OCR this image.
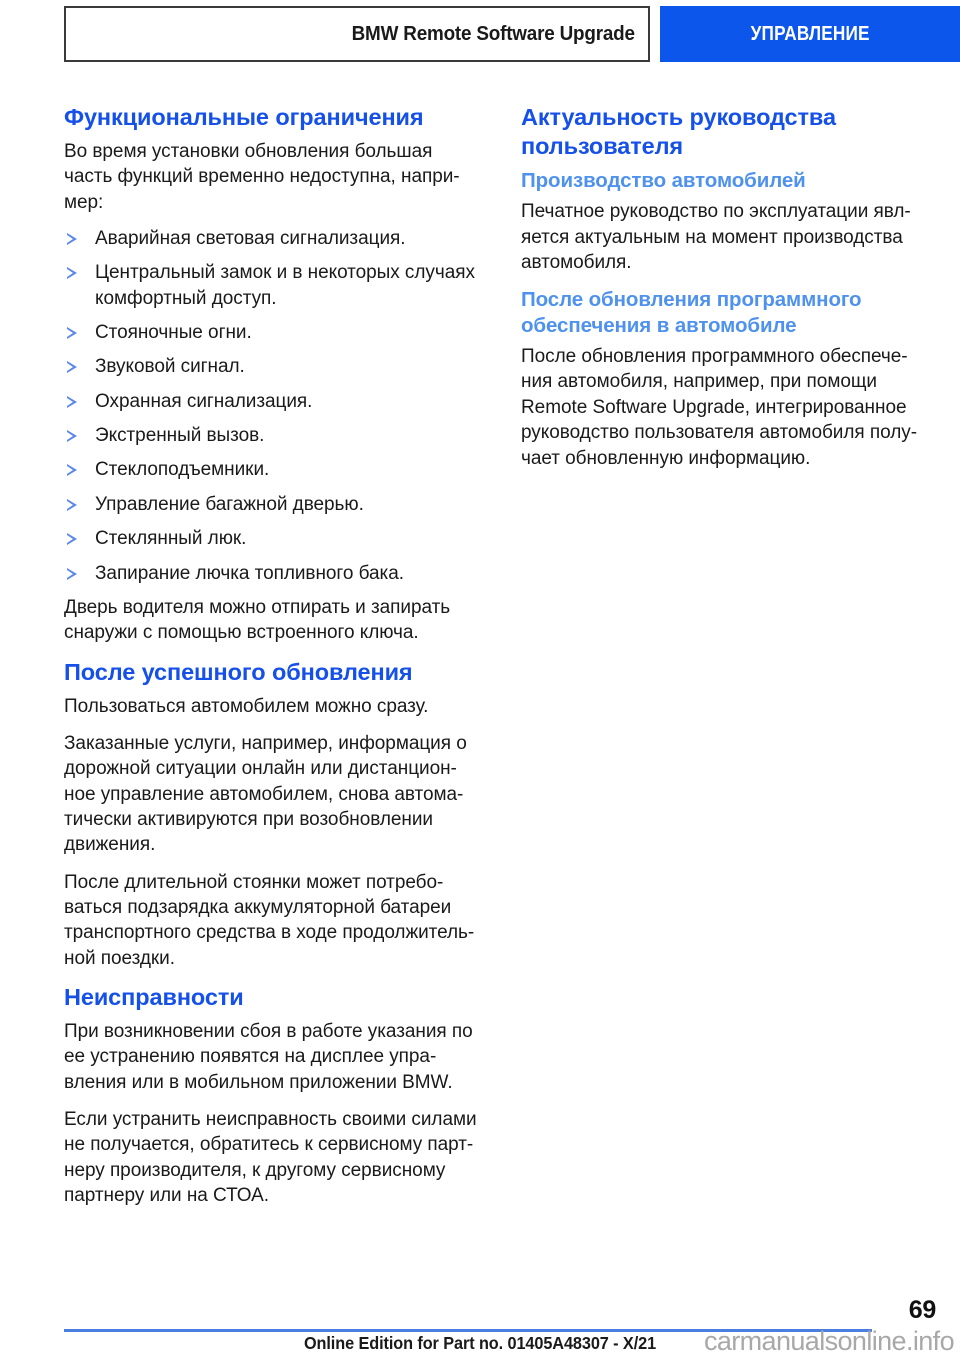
BMW Remote Software Upgrade	УПРАВЛЕНИЕ
Функциональные ограничения

Во время установки обновления большая часть функций временно недоступна, напри-мер:

Аварийная световая сигнализация.
Центральный замок и в некоторых случаях комфортный доступ.
Стояночные огни.
Звуковой сигнал.
Охранная сигнализация.
Экстренный вызов.
Стеклоподъемники.
Управление багажной дверью.
Стеклянный люк.
Запирание лючка топливного бака.

Дверь водителя можно отпирать и запирать снаружи с помощью встроенного ключа.

После успешного обновления

Пользоваться автомобилем можно сразу.

Заказанные услуги, например, информация о дорожной ситуации онлайн или дистанцион-ное управление автомобилем, снова автома-тически активируются при возобновлении движения.

После длительной стоянки может потребо-ваться подзарядка аккумуляторной батареи транспортного средства в ходе продолжитель-ной поездки.

Неисправности

При возникновении сбоя в работе указания по ее устранению появятся на дисплее упра-вления или в мобильном приложении BMW.

Если устранить неисправность своими силами не получается, обратитесь к сервисному парт-неру производителя, к другому сервисному партнеру или на СТОА.

Актуальность руководства пользователя
Производство автомобилей

Печатное руководство по эксплуатации явл-яется актуальным на момент производства автомобиля.

После обновления программного обеспечения в автомобиле

После обновления программного обеспече-ния автомобиля, например, при помощи Remote Software Upgrade, интегрированное руководство пользователя автомобиля полу-чает обновленную информацию.

69
Online Edition for Part no. 01405A48307 - X/21	carmanualsonline.info
